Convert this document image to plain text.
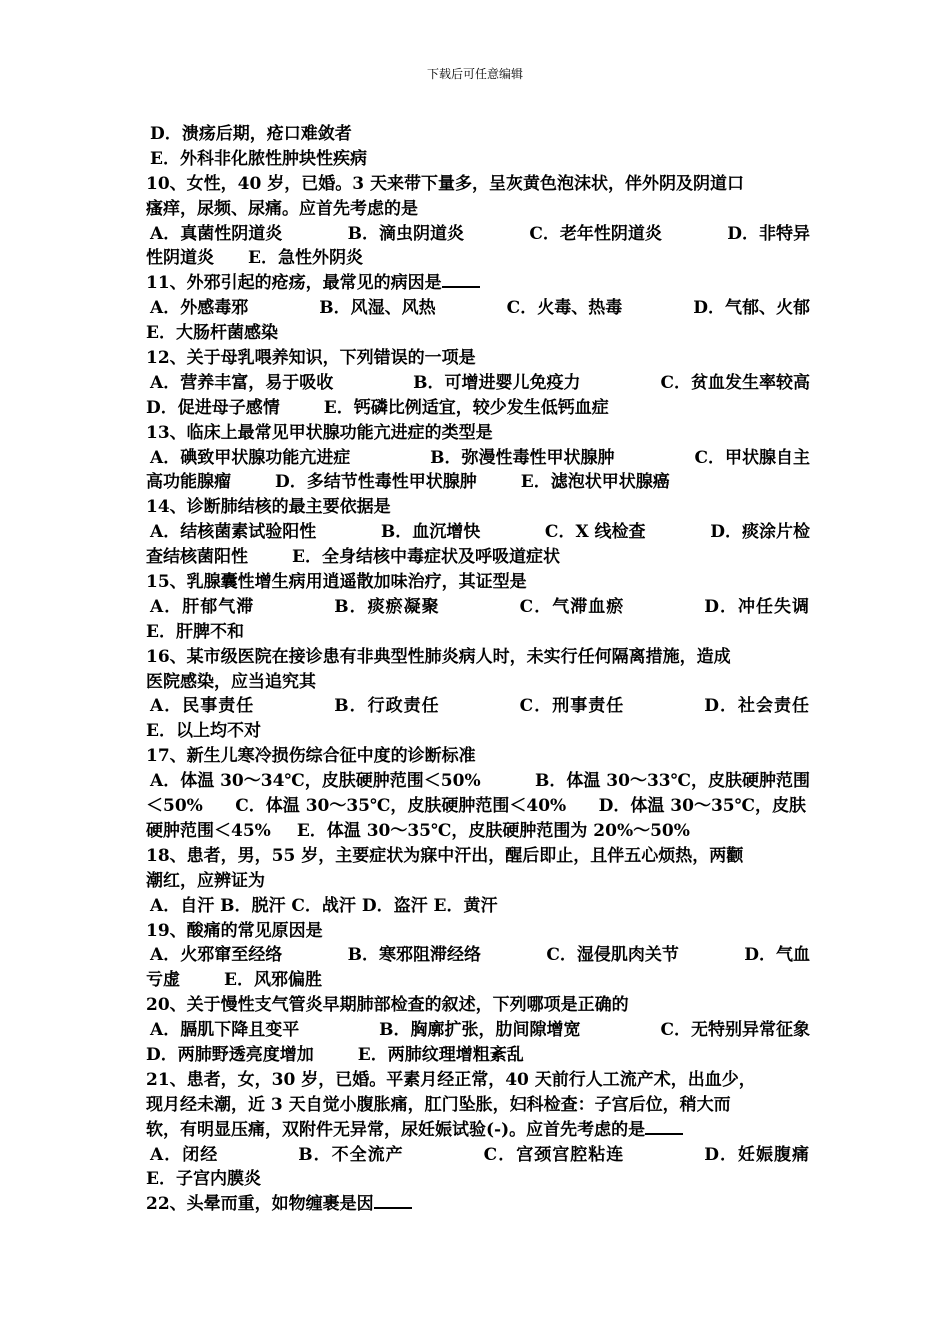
下载后可任意编辑
D．溃疡后期，疮口难敛者
E．外科非化脓性肿块性疾病
10、女性，40 岁，已婚。3 天来带下量多，呈灰黄色泡沫状，伴外阴及阴道口
瘙痒，尿频、尿痛。应首先考虑的是
A．真菌性阴道炎	B．滴虫阴道炎	C．老年性阴道炎	D．非特异
性阴道炎 E．急性外阴炎
11、外邪引起的疮疡，最常见的病因是
A．外感毒邪	B．风湿、风热	C．火毒、热毒	D．气郁、火郁
E．大肠杆菌感染
12、关于母乳喂养知识，下列错误的一项是
A．营养丰富，易于吸收	B．可增进婴儿免疫力	C．贫血发生率较高
D．促进母子感情	E．钙磷比例适宜，较少发生低钙血症
13、临床上最常见甲状腺功能亢进症的类型是
A．碘致甲状腺功能亢进症	B．弥漫性毒性甲状腺肿	C．甲状腺自主
高功能腺瘤	D．多结节性毒性甲状腺肿	E．滤泡状甲状腺癌
14、诊断肺结核的最主要依据是
A．结核菌素试验阳性	B．血沉增快	C．X 线检查	D．痰涂片检
查结核菌阳性	E．全身结核中毒症状及呼吸道症状
15、乳腺囊性增生病用逍遥散加味治疗，其证型是
A．肝郁气滞	B．痰瘀凝聚	C．气滞血瘀	D．冲任失调
E．肝脾不和
16、某市级医院在接诊患有非典型性肺炎病人时，未实行任何隔离措施，造成
医院感染，应当追究其
A．民事责任	B．行政责任	C．刑事责任	D．社会责任
E．以上均不对
17、新生儿寒冷损伤综合征中度的诊断标准
A．体温 30～34℃，皮肤硬肿范围＜50%	B．体温 30～33℃，皮肤硬肿范围
＜50% C．体温 30～35℃，皮肤硬肿范围＜40% D．体温 30～35℃，皮肤
硬肿范围＜45% E．体温 30～35℃，皮肤硬肿范围为 20%～50%
18、患者，男，55 岁，主要症状为寐中汗出，醒后即止，且伴五心烦热，两颧
潮红，应辨证为
A．自汗 B．脱汗 C．战汗 D．盗汗 E．黄汗
19、酸痛的常见原因是
A．火邪窜至经络	B．寒邪阻滞经络	C．湿侵肌肉关节	D．气血
亏虚	E．风邪偏胜
20、关于慢性支气管炎早期肺部检查的叙述，下列哪项是正确的
A．膈肌下降且变平	B．胸廓扩张，肋间隙增宽	C．无特别异常征象
D．两肺野透亮度增加	E．两肺纹理增粗紊乱
21、患者，女，30 岁，已婚。平素月经正常，40 天前行人工流产术，出血少，
现月经未潮，近 3 天自觉小腹胀痛，肛门坠胀，妇科检查：子宫后位，稍大而
软，有明显压痛，双附件无异常，尿妊娠试验(-)。应首先考虑的是
A．闭经	B．不全流产	C．宫颈宫腔粘连	D．妊娠腹痛
E．子宫内膜炎
22、头晕而重，如物缠裹是因
